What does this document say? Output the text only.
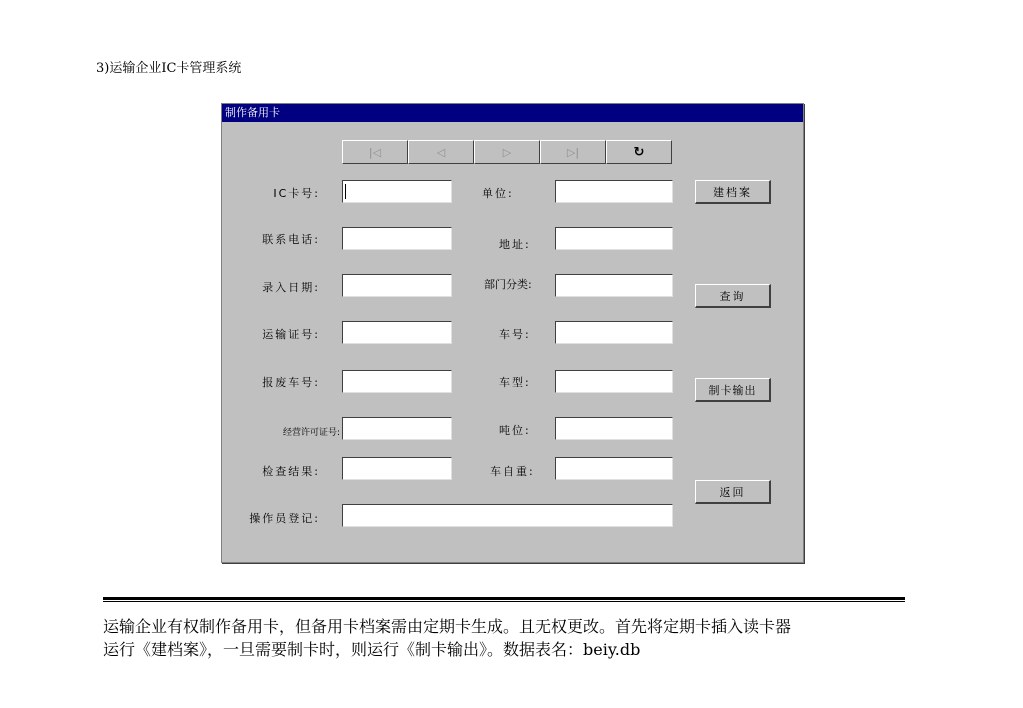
3)运输企业IC卡管理系统
制作备用卡
|◁	◁	▷	▷|	↻
IC卡号:	单位:
联系电话:	地址:
录入日期:	部门分类:
运输证号:	车号:
报废车号:	车型:
经营许可证号:	吨位:
检查结果:	车自重:
操作员登记:
建档案
查询
制卡输出
返回
运输企业有权制作备用卡，但备用卡档案需由定期卡生成。且无权更改。首先将定期卡插入读卡器
运行《建档案》，一旦需要制卡时，则运行《制卡输出》。数据表名：beiy.db
